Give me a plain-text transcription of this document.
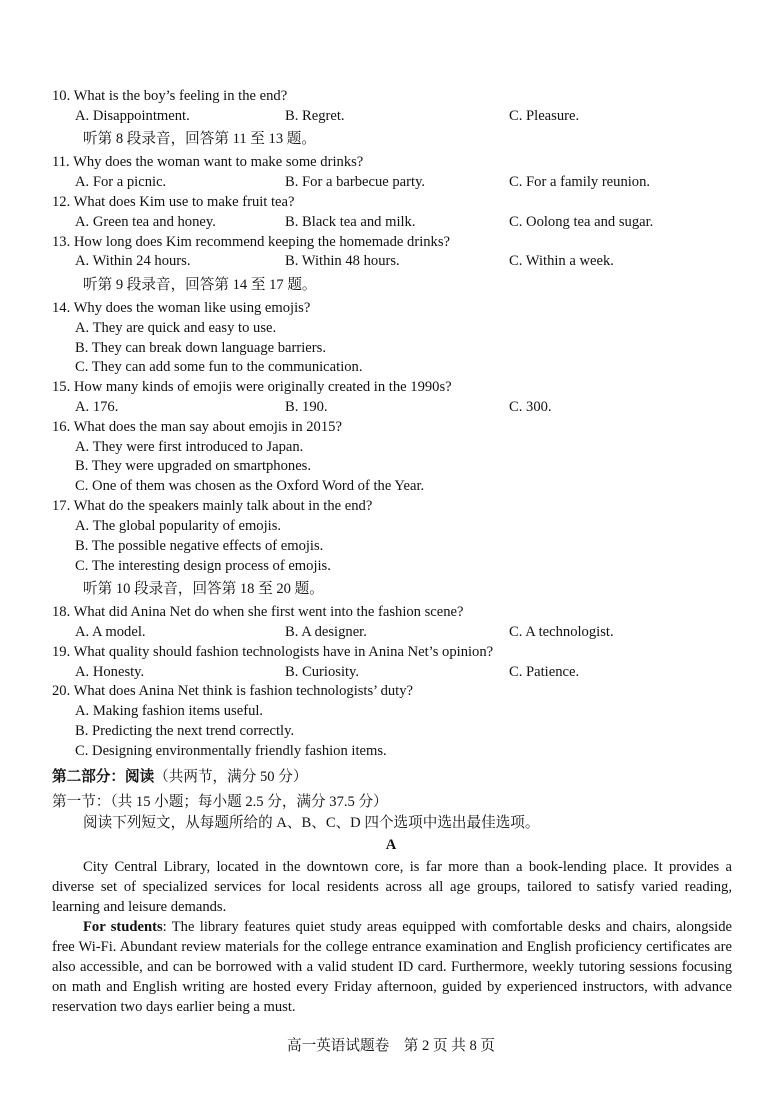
10. What is the boy’s feeling in the end?
A. Disappointment.	B. Regret.	C. Pleasure.
听第 8 段录音，回答第 11 至 13 题。
11. Why does the woman want to make some drinks?
A. For a picnic.	B. For a barbecue party.	C. For a family reunion.
12. What does Kim use to make fruit tea?
A. Green tea and honey.	B. Black tea and milk.	C. Oolong tea and sugar.
13. How long does Kim recommend keeping the homemade drinks?
A. Within 24 hours.	B. Within 48 hours.	C. Within a week.
听第 9 段录音，回答第 14 至 17 题。
14. Why does the woman like using emojis?
A. They are quick and easy to use.
B. They can break down language barriers.
C. They can add some fun to the communication.
15. How many kinds of emojis were originally created in the 1990s?
A. 176.	B. 190.	C. 300.
16. What does the man say about emojis in 2015?
A. They were first introduced to Japan.
B. They were upgraded on smartphones.
C. One of them was chosen as the Oxford Word of the Year.
17. What do the speakers mainly talk about in the end?
A. The global popularity of emojis.
B. The possible negative effects of emojis.
C. The interesting design process of emojis.
听第 10 段录音，回答第 18 至 20 题。
18. What did Anina Net do when she first went into the fashion scene?
A. A model.	B. A designer.	C. A technologist.
19. What quality should fashion technologists have in Anina Net’s opinion?
A. Honesty.	B. Curiosity.	C. Patience.
20. What does Anina Net think is fashion technologists’ duty?
A. Making fashion items useful.
B. Predicting the next trend correctly.
C. Designing environmentally friendly fashion items.
第二部分：阅读（共两节，满分 50 分）
第一节：（共 15 小题；每小题 2.5 分，满分 37.5 分）
阅读下列短文，从每题所给的 A、B、C、D 四个选项中选出最佳选项。
A
City Central Library, located in the downtown core, is far more than a book-lending place. It provides a diverse set of specialized services for local residents across all age groups, tailored to satisfy varied reading, learning and leisure demands.
For students: The library features quiet study areas equipped with comfortable desks and chairs, alongside free Wi-Fi. Abundant review materials for the college entrance examination and English proficiency certificates are also accessible, and can be borrowed with a valid student ID card. Furthermore, weekly tutoring sessions focusing on math and English writing are hosted every Friday afternoon, guided by experienced instructors, with advance reservation two days earlier being a must.
高一英语试题卷　第 2 页 共 8 页
